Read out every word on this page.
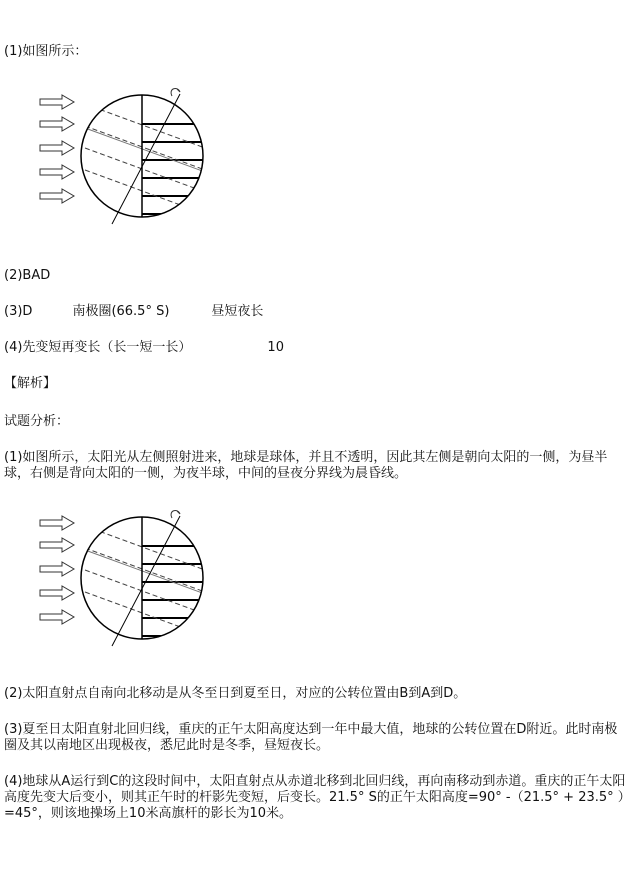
(1)如图所示：
(2)BAD
(3)D	南极圈(66.5° S)	昼短夜长
(4)先变短再变长（长一短一长）	10
【解析】
试题分析：
(1)如图所示，太阳光从左侧照射进来，地球是球体，并且不透明，因此其左侧是朝向太阳的一侧，为昼半球，右侧是背向太阳的一侧，为夜半球，中间的昼夜分界线为晨昏线。
(2)太阳直射点自南向北移动是从冬至日到夏至日，对应的公转位置由B到A到D。
(3)夏至日太阳直射北回归线，重庆的正午太阳高度达到一年中最大值，地球的公转位置在D附近。此时南极圈及其以南地区出现极夜，悉尼此时是冬季，昼短夜长。
(4)地球从A运行到C的这段时间中，太阳直射点从赤道北移到北回归线，再向南移动到赤道。重庆的正午太阳高度先变大后变小，则其正午时的杆影先变短，后变长。21.5° S的正午太阳高度=90° -（21.5° + 23.5° ）=45°，则该地操场上10米高旗杆的影长为10米。
